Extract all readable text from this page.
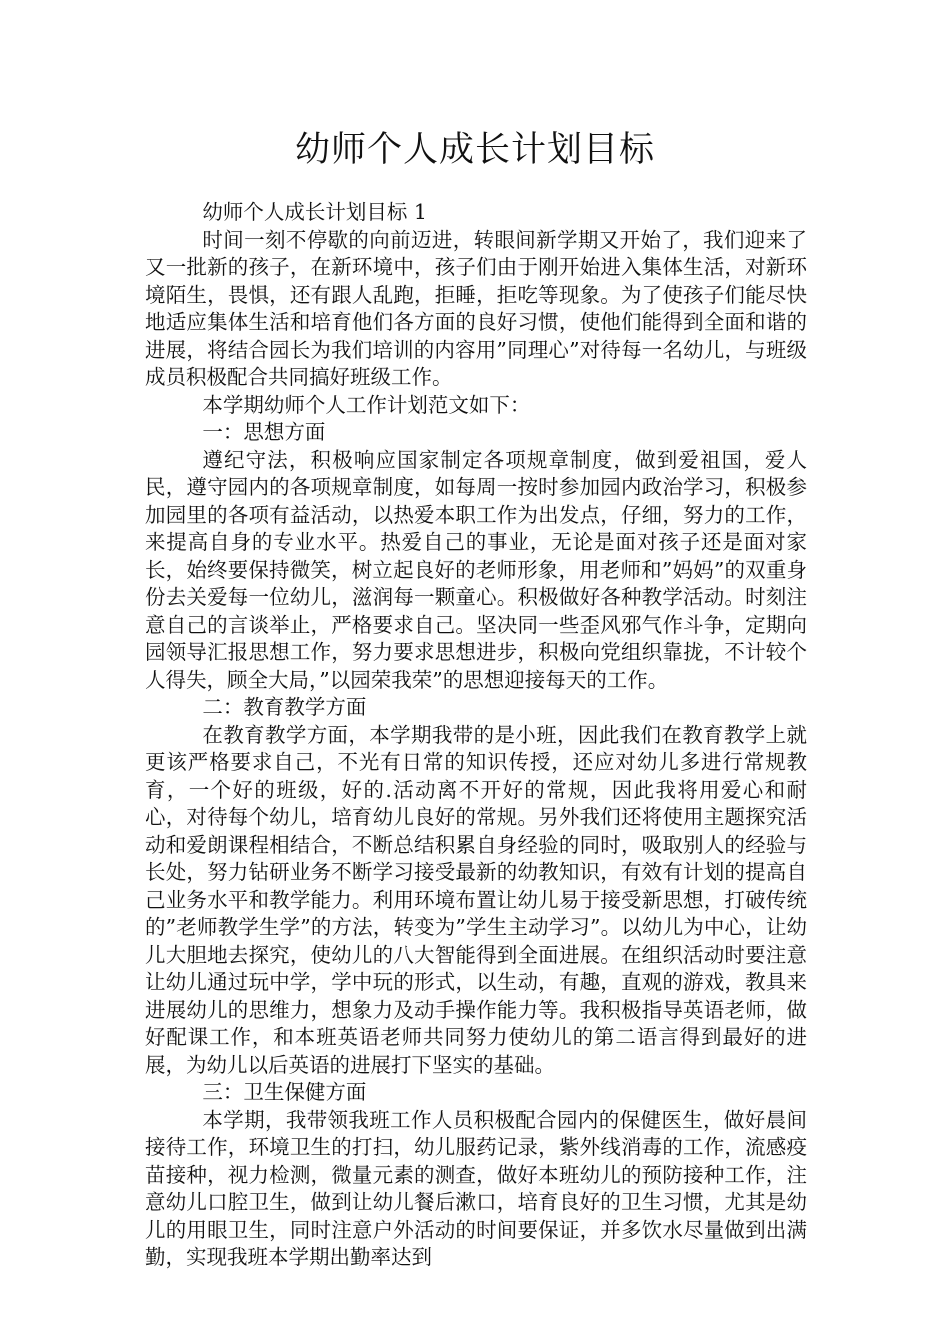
幼师个人成长计划目标

幼师个人成长计划目标 1

时间一刻不停歇的向前迈进，转眼间新学期又开始了，我们迎来了又一批新的孩子，在新环境中，孩子们由于刚开始进入集体生活，对新环境陌生，畏惧，还有跟人乱跑，拒睡，拒吃等现象。为了使孩子们能尽快地适应集体生活和培育他们各方面的良好习惯，使他们能得到全面和谐的进展，将结合园长为我们培训的内容用”同理心”对待每一名幼儿，与班级成员积极配合共同搞好班级工作。

本学期幼师个人工作计划范文如下：

一：思想方面

遵纪守法，积极响应国家制定各项规章制度，做到爱祖国，爱人民，遵守园内的各项规章制度，如每周一按时参加园内政治学习，积极参加园里的各项有益活动，以热爱本职工作为出发点，仔细，努力的工作，来提高自身的专业水平。热爱自己的事业，无论是面对孩子还是面对家长，始终要保持微笑，树立起良好的老师形象，用老师和”妈妈”的双重身份去关爱每一位幼儿，滋润每一颗童心。积极做好各种教学活动。时刻注意自己的言谈举止，严格要求自己。坚决同一些歪风邪气作斗争，定期向园领导汇报思想工作，努力要求思想进步，积极向党组织靠拢，不计较个人得失，顾全大局，”以园荣我荣”的思想迎接每天的工作。

二：教育教学方面

在教育教学方面，本学期我带的是小班，因此我们在教育教学上就更该严格要求自己，不光有日常的知识传授，还应对幼儿多进行常规教育，一个好的班级，好的.活动离不开好的常规，因此我将用爱心和耐心，对待每个幼儿，培育幼儿良好的常规。另外我们还将使用主题探究活动和爱朗课程相结合，不断总结积累自身经验的同时，吸取别人的经验与长处，努力钻研业务不断学习接受最新的幼教知识，有效有计划的提高自己业务水平和教学能力。利用环境布置让幼儿易于接受新思想，打破传统的”老师教学生学”的方法，转变为”学生主动学习”。以幼儿为中心，让幼儿大胆地去探究，使幼儿的八大智能得到全面进展。在组织活动时要注意让幼儿通过玩中学，学中玩的形式，以生动，有趣，直观的游戏，教具来进展幼儿的思维力，想象力及动手操作能力等。我积极指导英语老师，做好配课工作，和本班英语老师共同努力使幼儿的第二语言得到最好的进展，为幼儿以后英语的进展打下坚实的基础。

三：卫生保健方面

本学期，我带领我班工作人员积极配合园内的保健医生，做好晨间接待工作，环境卫生的打扫，幼儿服药记录，紫外线消毒的工作，流感疫苗接种，视力检测，微量元素的测查，做好本班幼儿的预防接种工作，注意幼儿口腔卫生，做到让幼儿餐后漱口，培育良好的卫生习惯，尤其是幼儿的用眼卫生，同时注意户外活动的时间要保证，并多饮水尽量做到出满勤，实现我班本学期出勤率达到
